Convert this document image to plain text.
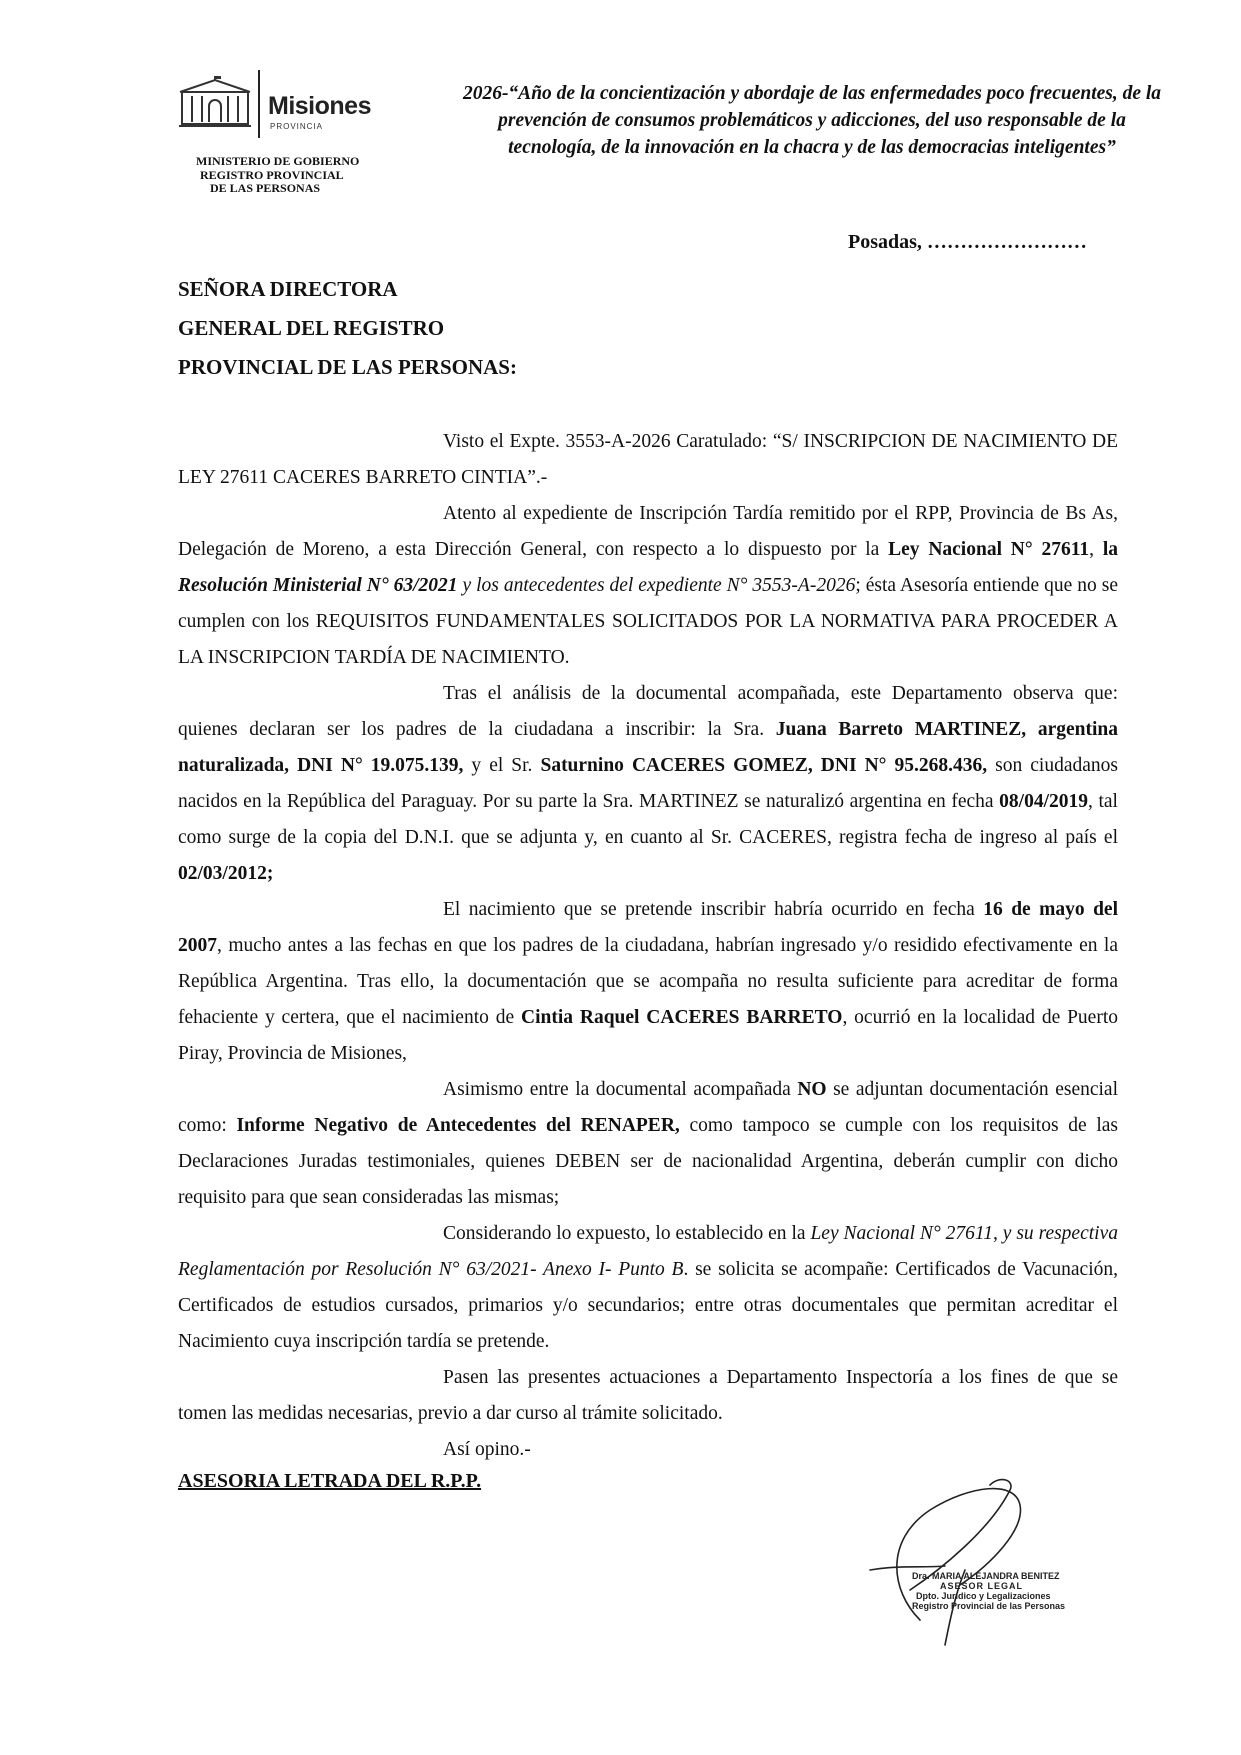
Misiones
PROVINCIA
MINISTERIO DE GOBIERNO
REGISTRO PROVINCIAL
DE LAS PERSONAS
2026-“Año de la concientización y abordaje de las enfermedades poco frecuentes, de la
prevención de consumos problemáticos y adicciones, del uso responsable de la
tecnología, de la innovación en la chacra y de las democracias inteligentes”
Posadas, ……………………
SEÑORA DIRECTORA
GENERAL DEL REGISTRO
PROVINCIAL DE LAS PERSONAS:

Visto el Expte. 3553-A-2026 Caratulado: “S/ INSCRIPCION DE NACIMIENTO DE LEY 27611 CACERES BARRETO CINTIA”.-

Atento al expediente de Inscripción Tardía remitido por el RPP, Provincia de Bs As, Delegación de Moreno, a esta Dirección General, con respecto a lo dispuesto por la Ley Nacional N° 27611, la Resolución Ministerial N° 63/2021 y los antecedentes del expediente N° 3553-A-2026; ésta Asesoría entiende que no se cumplen con los REQUISITOS FUNDAMENTALES SOLICITADOS POR LA NORMATIVA PARA PROCEDER A LA INSCRIPCION TARDÍA DE NACIMIENTO.

Tras el análisis de la documental acompañada, este Departamento observa que: quienes declaran ser los padres de la ciudadana a inscribir: la Sra. Juana Barreto MARTINEZ, argentina naturalizada, DNI N° 19.075.139, y el Sr. Saturnino CACERES GOMEZ, DNI N° 95.268.436, son ciudadanos nacidos en la República del Paraguay. Por su parte la Sra. MARTINEZ se naturalizó argentina en fecha 08/04/2019, tal como surge de la copia del D.N.I. que se adjunta y, en cuanto al Sr. CACERES, registra fecha de ingreso al país el 02/03/2012;

El nacimiento que se pretende inscribir habría ocurrido en fecha 16 de mayo del 2007, mucho antes a las fechas en que los padres de la ciudadana, habrían ingresado y/o residido efectivamente en la República Argentina. Tras ello, la documentación que se acompaña no resulta suficiente para acreditar de forma fehaciente y certera, que el nacimiento de Cintia Raquel CACERES BARRETO, ocurrió en la localidad de Puerto Piray, Provincia de Misiones,

Asimismo entre la documental acompañada NO se adjuntan documentación esencial como: Informe Negativo de Antecedentes del RENAPER, como tampoco se cumple con los requisitos de las Declaraciones Juradas testimoniales, quienes DEBEN ser de nacionalidad Argentina, deberán cumplir con dicho requisito para que sean consideradas las mismas;

Considerando lo expuesto, lo establecido en la Ley Nacional N° 27611, y su respectiva Reglamentación por Resolución N° 63/2021- Anexo I- Punto B. se solicita se acompañe: Certificados de Vacunación, Certificados de estudios cursados, primarios y/o secundarios; entre otras documentales que permitan acreditar el Nacimiento cuya inscripción tardía se pretende.

Pasen las presentes actuaciones a Departamento Inspectoría a los fines de que se tomen las medidas necesarias, previo a dar curso al trámite solicitado.

Así opino.-

ASESORIA LETRADA DEL R.P.P.
Dra. MARIA ALEJANDRA BENITEZ
ASESOR LEGAL
Dpto. Jurídico y Legalizaciones
Registro Provincial de las Personas
